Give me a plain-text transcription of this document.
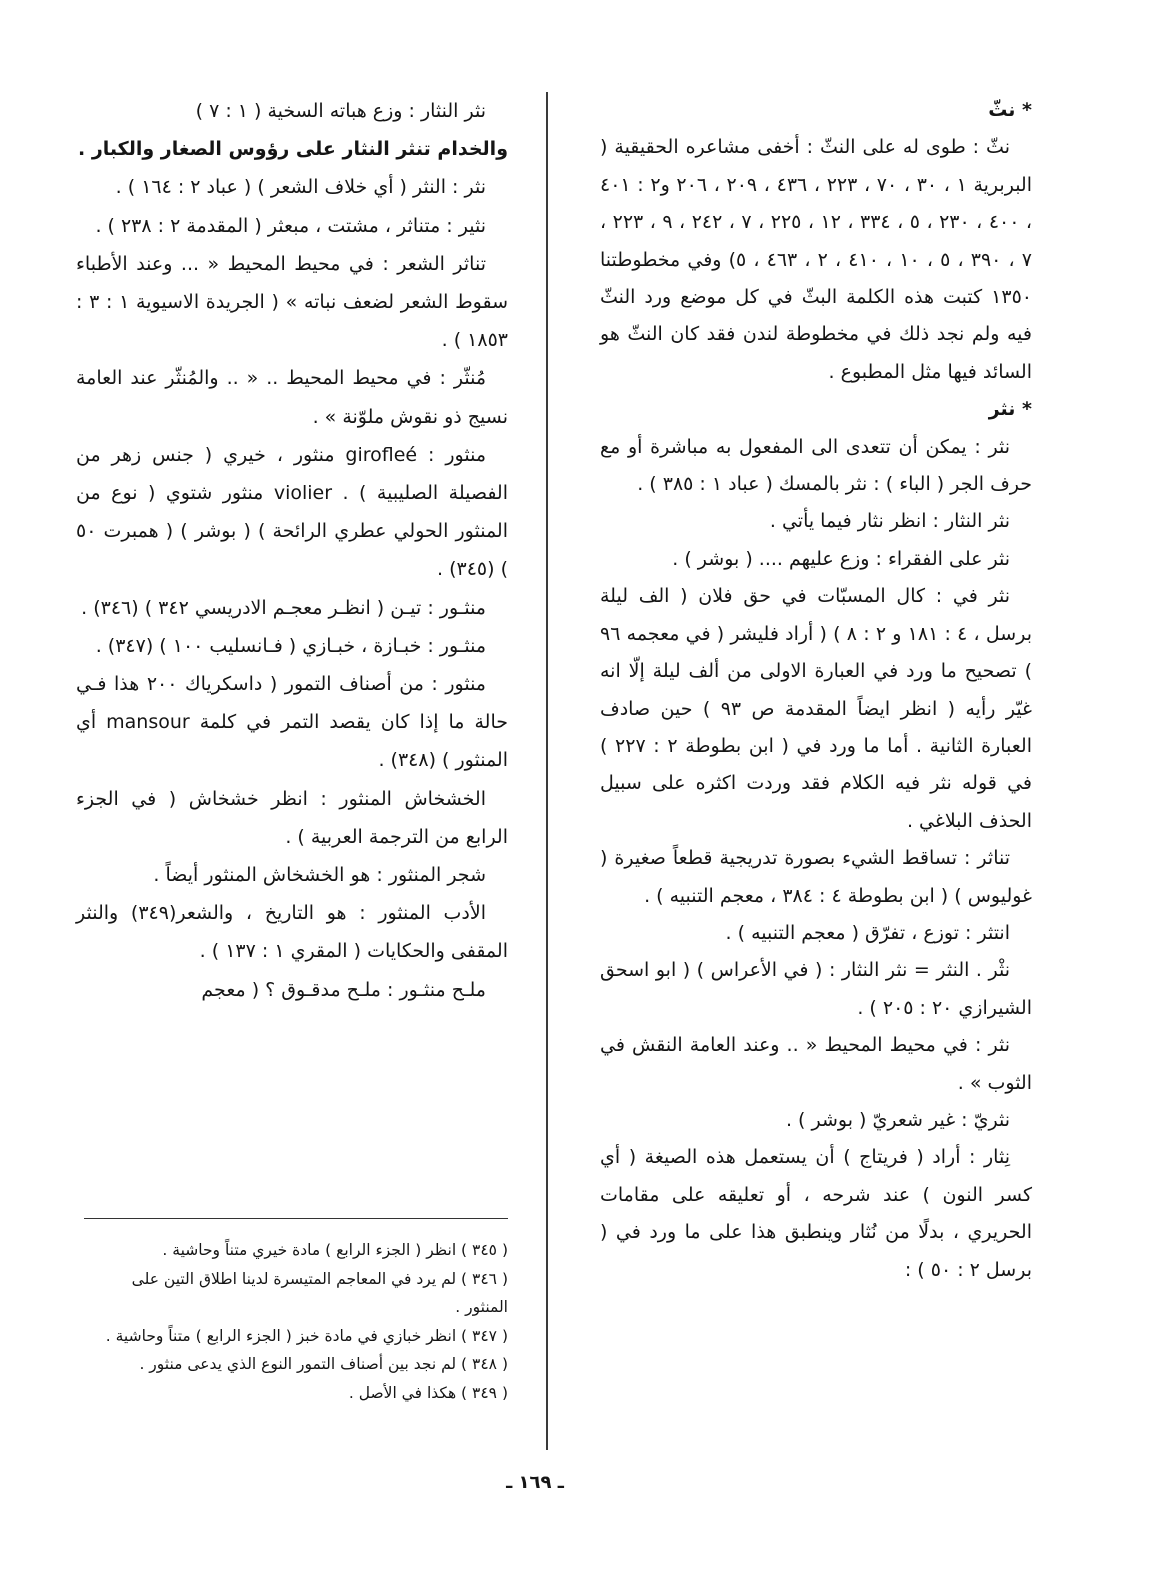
* نثّ

نثّ : طوى له على النثّ : أخفى مشاعره الحقيقية ( البربرية ١ ، ٣٠ ، ٧٠ ، ٢٢٣ ، ٤٣٦ ، ٢٠٩ ، ٢٠٦ و٢ : ٤٠١ ، ٤٠٠ ، ٢٣٠ ، ٥ ، ٣٣٤ ، ١٢ ، ٢٢٥ ، ٧ ، ٢٤٢ ، ٩ ، ٢٢٣ ، ٧ ، ٣٩٠ ، ٥ ، ١٠ ، ٤١٠ ، ٢ ، ٤٦٣ ، ٥) وفي مخطوطتنا ١٣٥٠ كتبت هذه الكلمة البثّ في كل موضع ورد النثّ فيه ولم نجد ذلك في مخطوطة لندن فقد كان النثّ هو السائد فيها مثل المطبوع .

* نثر

نثر : يمكن أن تتعدى الى المفعول به مباشرة أو مع حرف الجر ( الباء ) : نثر بالمسك ( عباد ١ : ٣٨٥ ) .

نثر النثار : انظر نثار فيما يأتي .

نثر على الفقراء : وزع عليهم .... ( بوشر ) .

نثر في : كال المسبّات في حق فلان ( الف ليلة برسل ، ٤ : ١٨١ و ٢ : ٨ ) ( أراد فليشر ( في معجمه ٩٦ ) تصحيح ما ورد في العبارة الاولى من ألف ليلة إلّا انه غيّر رأيه ( انظر ايضاً المقدمة ص ٩٣ ) حين صادف العبارة الثانية . أما ما ورد في ( ابن بطوطة ٢ : ٢٢٧ ) في قوله نثر فيه الكلام فقد وردت اكثره على سبيل الحذف البلاغي .

تناثر : تساقط الشيء بصورة تدريجية قطعاً صغيرة ( غوليوس ) ( ابن بطوطة ٤ : ٣٨٤ ، معجم التنبيه ) .

انتثر : توزع ، تفرّق ( معجم التنبيه ) .

نثْر . النثر = نثر النثار : ( في الأعراس ) ( ابو اسحق الشيرازي ٢٠ : ٢٠٥ ) .

نثر : في محيط المحيط « .. وعند العامة النقش في الثوب » .

نثريّ : غير شعريّ ( بوشر ) .

نِثار : أراد ( فريتاج ) أن يستعمل هذه الصيغة ( أي كسر النون ) عند شرحه ، أو تعليقه على مقامات الحريري ، بدلًا من نُثار وينطبق هذا على ما ورد في ( برسل ٢ : ٥٠ ) :

نثر النثار : وزع هباته السخية ( ١ : ٧ )

والخدام تنثر النثار على رؤوس الصغار والكبار .

نثر : النثر ( أي خلاف الشعر ) ( عباد ٢ : ١٦٤ ) .

نثير : متناثر ، مشتت ، مبعثر ( المقدمة ٢ : ٢٣٨ ) .

تناثر الشعر : في محيط المحيط « ... وعند الأطباء سقوط الشعر لضعف نباته » ( الجريدة الاسيوية ١ : ٣ : ١٨٥٣ ) .

مُنثّر : في محيط المحيط .. « .. والمُنثّر عند العامة نسيج ذو نقوش ملوّنة » .

منثور : girofleé منثور ، خيري ( جنس زهر من الفصيلة الصليبية ) . violier منثور شتوي ( نوع من المنثور الحولي عطري الرائحة ) ( بوشر ) ( همبرت ٥٠ ) (٣٤٥) .

منثـور : تيـن ( انظـر معجـم الادريسي ٣٤٢ ) (٣٤٦) .

منثـور : خبـازة ، خبـازي ( فـانسليب ١٠٠ ) (٣٤٧) .

منثور : من أصناف التمور ( داسكرياك ٢٠٠ هذا فـي حالة ما إذا كان يقصد التمر في كلمة mansour أي المنثور ) (٣٤٨) .

الخشخاش المنثور : انظر خشخاش ( في الجزء الرابع من الترجمة العربية ) .

شجر المنثور : هو الخشخاش المنثور أيضاً .

الأدب المنثور : هو التاريخ ، والشعر(٣٤٩) والنثر المقفى والحكايات ( المقري ١ : ١٣٧ ) .

ملـح منثـور : ملـح مدقـوق ؟ ( معجم

( ٣٤٥ ) انظر ( الجزء الرابع ) مادة خيري متناً وحاشية .

( ٣٤٦ ) لم يرد في المعاجم المتيسرة لدينا اطلاق التين على المنثور .

( ٣٤٧ ) انظر خبازي في مادة خبز ( الجزء الرابع ) متناً وحاشية .

( ٣٤٨ ) لم نجد بين أصناف التمور النوع الذي يدعى منثور .

( ٣٤٩ ) هكذا في الأصل .

ـ ١٦٩ ـ
